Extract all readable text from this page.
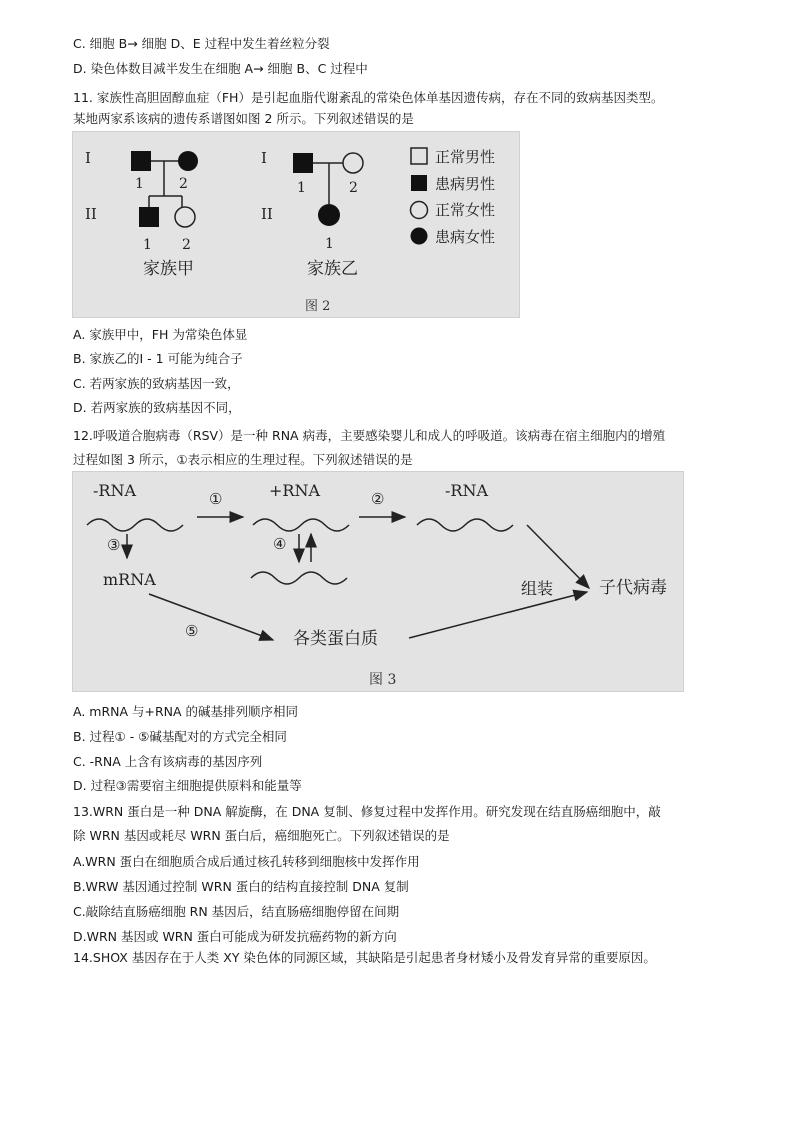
C. 细胞 B→ 细胞 D、E 过程中发生着丝粒分裂
D. 染色体数目减半发生在细胞 A→ 细胞 B、C 过程中
11. 家族性高胆固醇血症（FH）是引起血脂代谢紊乱的常染色体单基因遗传病，存在不同的致病基因类型。
某地两家系该病的遗传系谱图如图 2 所示。下列叙述错误的是
I
II
1	2
1 2
家族甲
I
II
1	2
1
家族乙
正常男性
患病男性
正常女性
患病女性
图 2
A. 家族甲中，FH 为常染色体显
B. 家族乙的Ⅰ - 1 可能为纯合子
C. 若两家族的致病基因一致，
D. 若两家族的致病基因不同，
12.呼吸道合胞病毒（RSV）是一种 RNA 病毒，主要感染婴儿和成人的呼吸道。该病毒在宿主细胞内的增殖
过程如图 3 所示，①表示相应的生理过程。下列叙述错误的是
-RNA	+RNA	-RNA
①	②
③
mRNA
④
⑤	各类蛋白质
组装	子代病毒
图 3
A. mRNA 与+RNA 的碱基排列顺序相同
B. 过程① - ⑤碱基配对的方式完全相同
C. -RNA 上含有该病毒的基因序列
D. 过程③需要宿主细胞提供原料和能量等
13.WRN 蛋白是一种 DNA 解旋酶，在 DNA 复制、修复过程中发挥作用。研究发现在结直肠癌细胞中，敲
除 WRN 基因或耗尽 WRN 蛋白后，癌细胞死亡。下列叙述错误的是
A.WRN 蛋白在细胞质合成后通过核孔转移到细胞核中发挥作用
B.WRW 基因通过控制 WRN 蛋白的结构直接控制 DNA 复制
C.敲除结直肠癌细胞 RN 基因后，结直肠癌细胞停留在间期
D.WRN 基因或 WRN 蛋白可能成为研发抗癌药物的新方向
14.SHOX 基因存在于人类 XY 染色体的同源区域，其缺陷是引起患者身材矮小及骨发育异常的重要原因。
